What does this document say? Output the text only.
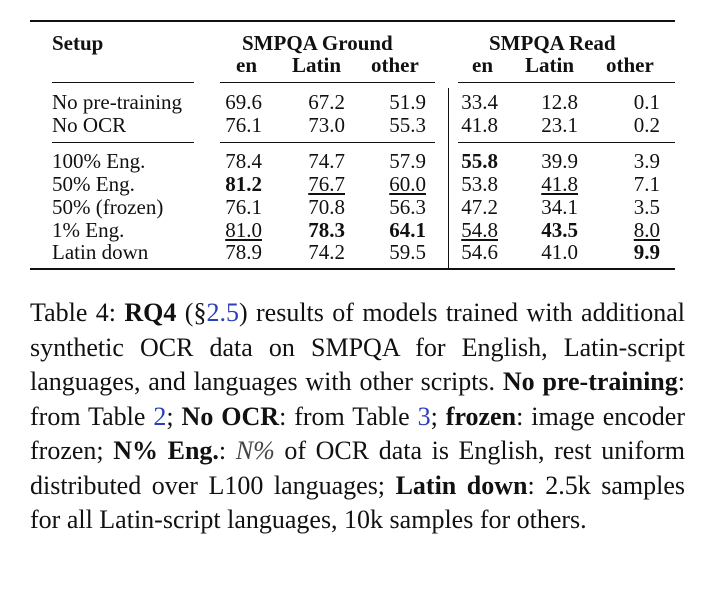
Setup	SMPQA Ground	SMPQA Read
en Latin other	en Latin other
No pre-training	69.6	67.2	51.9	33.4	12.8	0.1
No OCR	76.1	73.0	55.3	41.8	23.1	0.2
100% Eng.	78.4	74.7	57.9	55.8	39.9	3.9
50% Eng.	81.2	76.7	60.0	53.8	41.8	7.1
50% (frozen)	76.1	70.8	56.3	47.2	34.1	3.5
1% Eng.	81.0	78.3	64.1	54.8	43.5	8.0
Latin down	78.9	74.2	59.5	54.6	41.0	9.9
Table 4: RQ4 (§2.5) results of models trained with additional synthetic OCR data on SMPQA for English, Latin-script languages, and languages with other scripts. No pre-training: from Table 2; No OCR: from Table 3; frozen: image encoder frozen; N% Eng.: N% of OCR data is English, rest uniform distributed over L100 languages; Latin down: 2.5k samples for all Latin-script languages, 10k samples for others.
